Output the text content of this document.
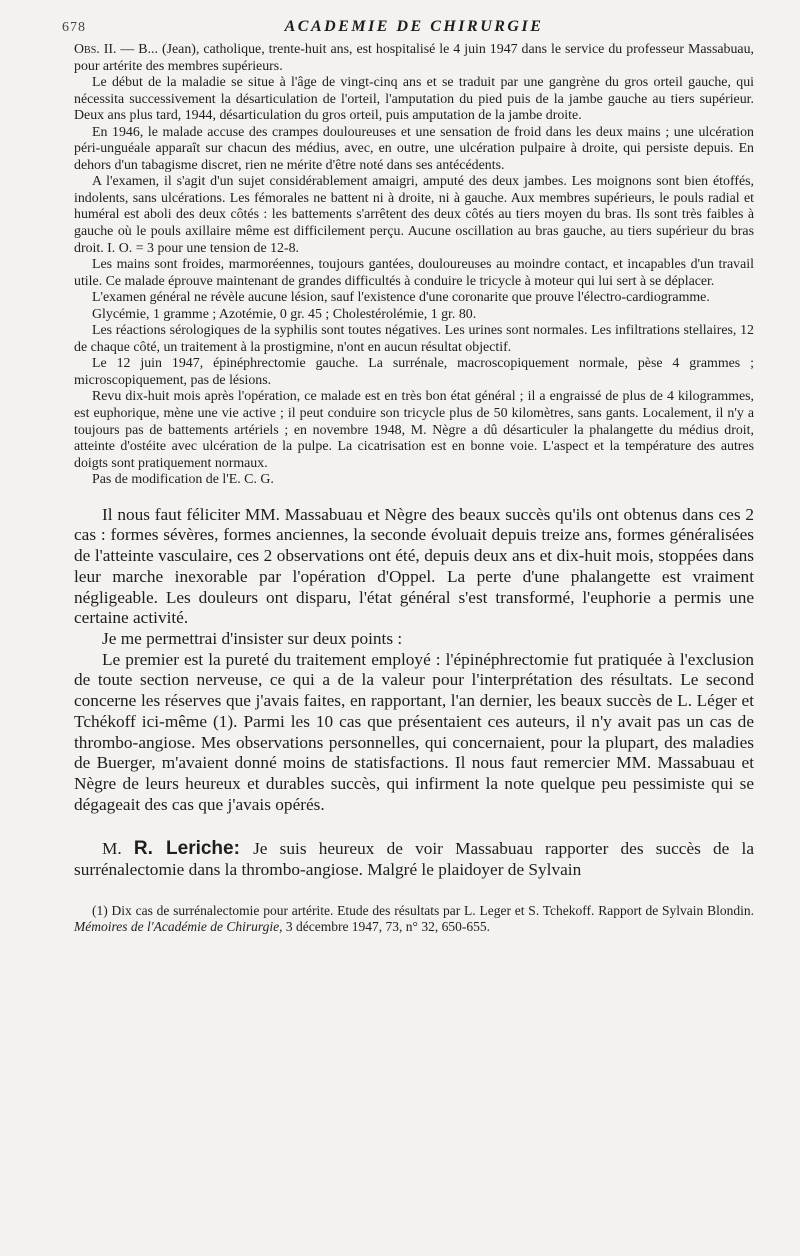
678	ACADEMIE DE CHIRURGIE

Obs. II. — B... (Jean), catholique, trente-huit ans, est hospitalisé le 4 juin 1947 dans le service du professeur Massabuau, pour artérite des membres supérieurs.

Le début de la maladie se situe à l'âge de vingt-cinq ans et se traduit par une gangrène du gros orteil gauche, qui nécessita successivement la désarticulation de l'orteil, l'amputation du pied puis de la jambe gauche au tiers supérieur. Deux ans plus tard, 1944, désarticulation du gros orteil, puis amputation de la jambe droite.

En 1946, le malade accuse des crampes douloureuses et une sensation de froid dans les deux mains ; une ulcération péri-unguéale apparaît sur chacun des médius, avec, en outre, une ulcération pulpaire à droite, qui persiste depuis. En dehors d'un tabagisme discret, rien ne mérite d'être noté dans ses antécédents.

A l'examen, il s'agit d'un sujet considérablement amaigri, amputé des deux jambes. Les moignons sont bien étoffés, indolents, sans ulcérations. Les fémorales ne battent ni à droite, ni à gauche. Aux membres supérieurs, le pouls radial et huméral est aboli des deux côtés : les battements s'arrêtent des deux côtés au tiers moyen du bras. Ils sont très faibles à gauche où le pouls axillaire même est difficilement perçu. Aucune oscillation au bras gauche, au tiers supérieur du bras droit. I. O. = 3 pour une tension de 12-8.

Les mains sont froides, marmoréennes, toujours gantées, douloureuses au moindre contact, et incapables d'un travail utile. Ce malade éprouve maintenant de grandes difficultés à conduire le tricycle à moteur qui lui sert à se déplacer.

L'examen général ne révèle aucune lésion, sauf l'existence d'une coronarite que prouve l'électro-cardiogramme.

Glycémie, 1 gramme ; Azotémie, 0 gr. 45 ; Cholestérolémie, 1 gr. 80.

Les réactions sérologiques de la syphilis sont toutes négatives. Les urines sont normales. Les infiltrations stellaires, 12 de chaque côté, un traitement à la prostigmine, n'ont en aucun résultat objectif.

Le 12 juin 1947, épinéphrectomie gauche. La surrénale, macroscopiquement normale, pèse 4 grammes ; microscopiquement, pas de lésions.

Revu dix-huit mois après l'opération, ce malade est en très bon état général ; il a engraissé de plus de 4 kilogrammes, est euphorique, mène une vie active ; il peut conduire son tricycle plus de 50 kilomètres, sans gants. Localement, il n'y a toujours pas de battements artériels ; en novembre 1948, M. Nègre a dû désarticuler la phalangette du médius droit, atteinte d'ostéite avec ulcération de la pulpe. La cicatrisation est en bonne voie. L'aspect et la température des autres doigts sont pratiquement normaux.

Pas de modification de l'E. C. G.

Il nous faut féliciter MM. Massabuau et Nègre des beaux succès qu'ils ont obtenus dans ces 2 cas : formes sévères, formes anciennes, la seconde évoluait depuis treize ans, formes généralisées de l'atteinte vasculaire, ces 2 observations ont été, depuis deux ans et dix-huit mois, stoppées dans leur marche inexorable par l'opération d'Oppel. La perte d'une phalangette est vraiment négligeable. Les douleurs ont disparu, l'état général s'est transformé, l'euphorie a permis une certaine activité.

Je me permettrai d'insister sur deux points :

Le premier est la pureté du traitement employé : l'épinéphrectomie fut pratiquée à l'exclusion de toute section nerveuse, ce qui a de la valeur pour l'interprétation des résultats. Le second concerne les réserves que j'avais faites, en rapportant, l'an dernier, les beaux succès de L. Léger et Tchékoff ici-même (1). Parmi les 10 cas que présentaient ces auteurs, il n'y avait pas un cas de thrombo-angiose. Mes observations personnelles, qui concernaient, pour la plupart, des maladies de Buerger, m'avaient donné moins de statisfactions. Il nous faut remercier MM. Massabuau et Nègre de leurs heureux et durables succès, qui infirment la note quelque peu pessimiste qui se dégageait des cas que j'avais opérés.

M. R. Leriche: Je suis heureux de voir Massabuau rapporter des succès de la surrénalectomie dans la thrombo-angiose. Malgré le plaidoyer de Sylvain

(1) Dix cas de surrénalectomie pour artérite. Etude des résultats par L. Leger et S. Tchekoff. Rapport de Sylvain Blondin. Mémoires de l'Académie de Chirurgie, 3 décembre 1947, 73, n° 32, 650-655.
